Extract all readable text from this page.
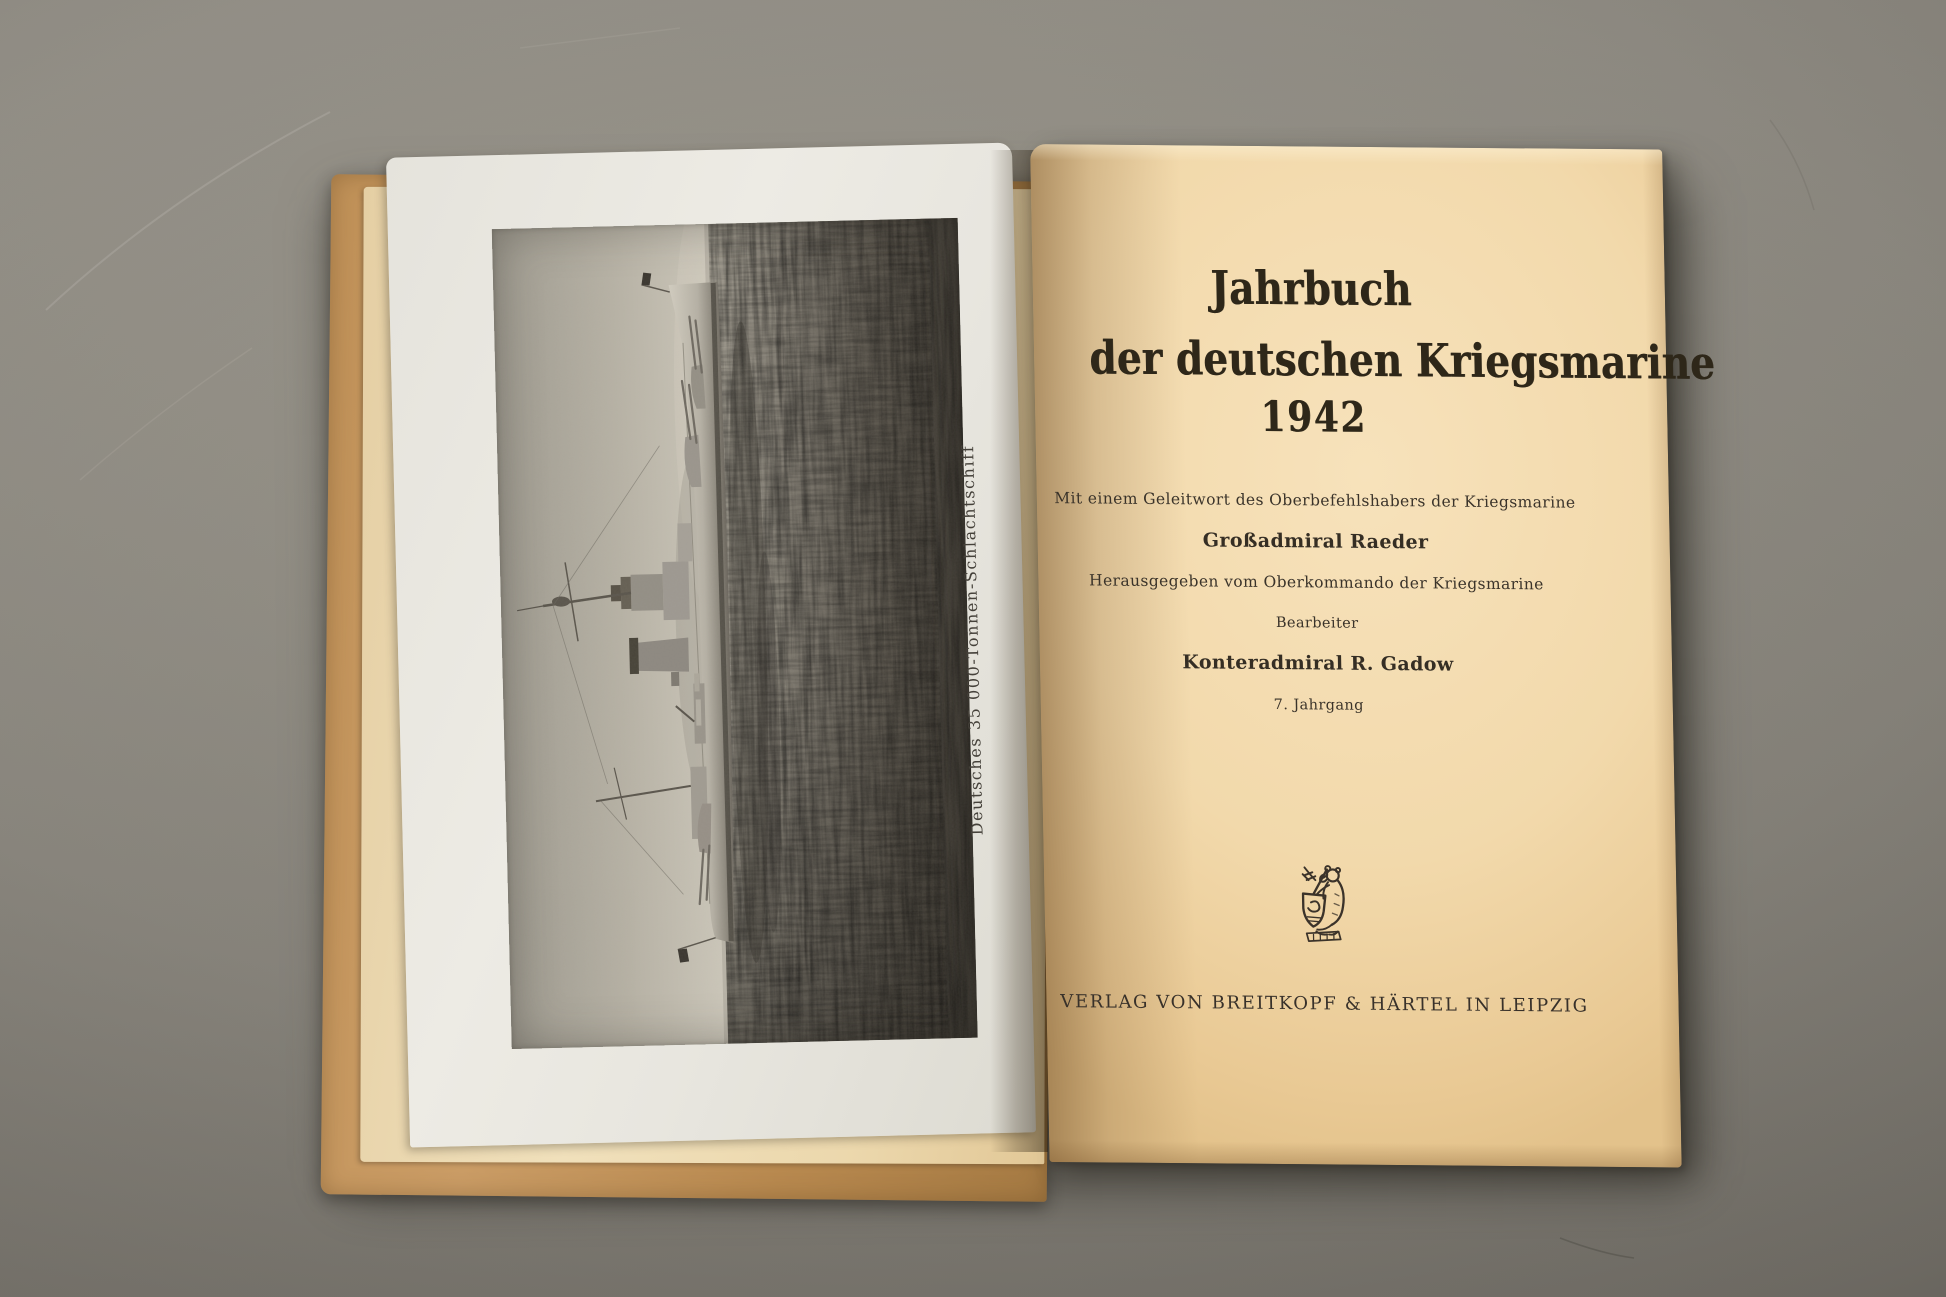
Deutsches 35 000-Tonnen-Schlachtschiff
Jahrbuch
der deutschen Kriegsmarine
1942
Mit einem Geleitwort des Oberbefehlshabers der Kriegsmarine
Großadmiral Raeder
Herausgegeben vom Oberkommando der Kriegsmarine
Bearbeiter
Konteradmiral R. Gadow
7. Jahrgang
VERLAG VON BREITKOPF & HÄRTEL IN LEIPZIG
